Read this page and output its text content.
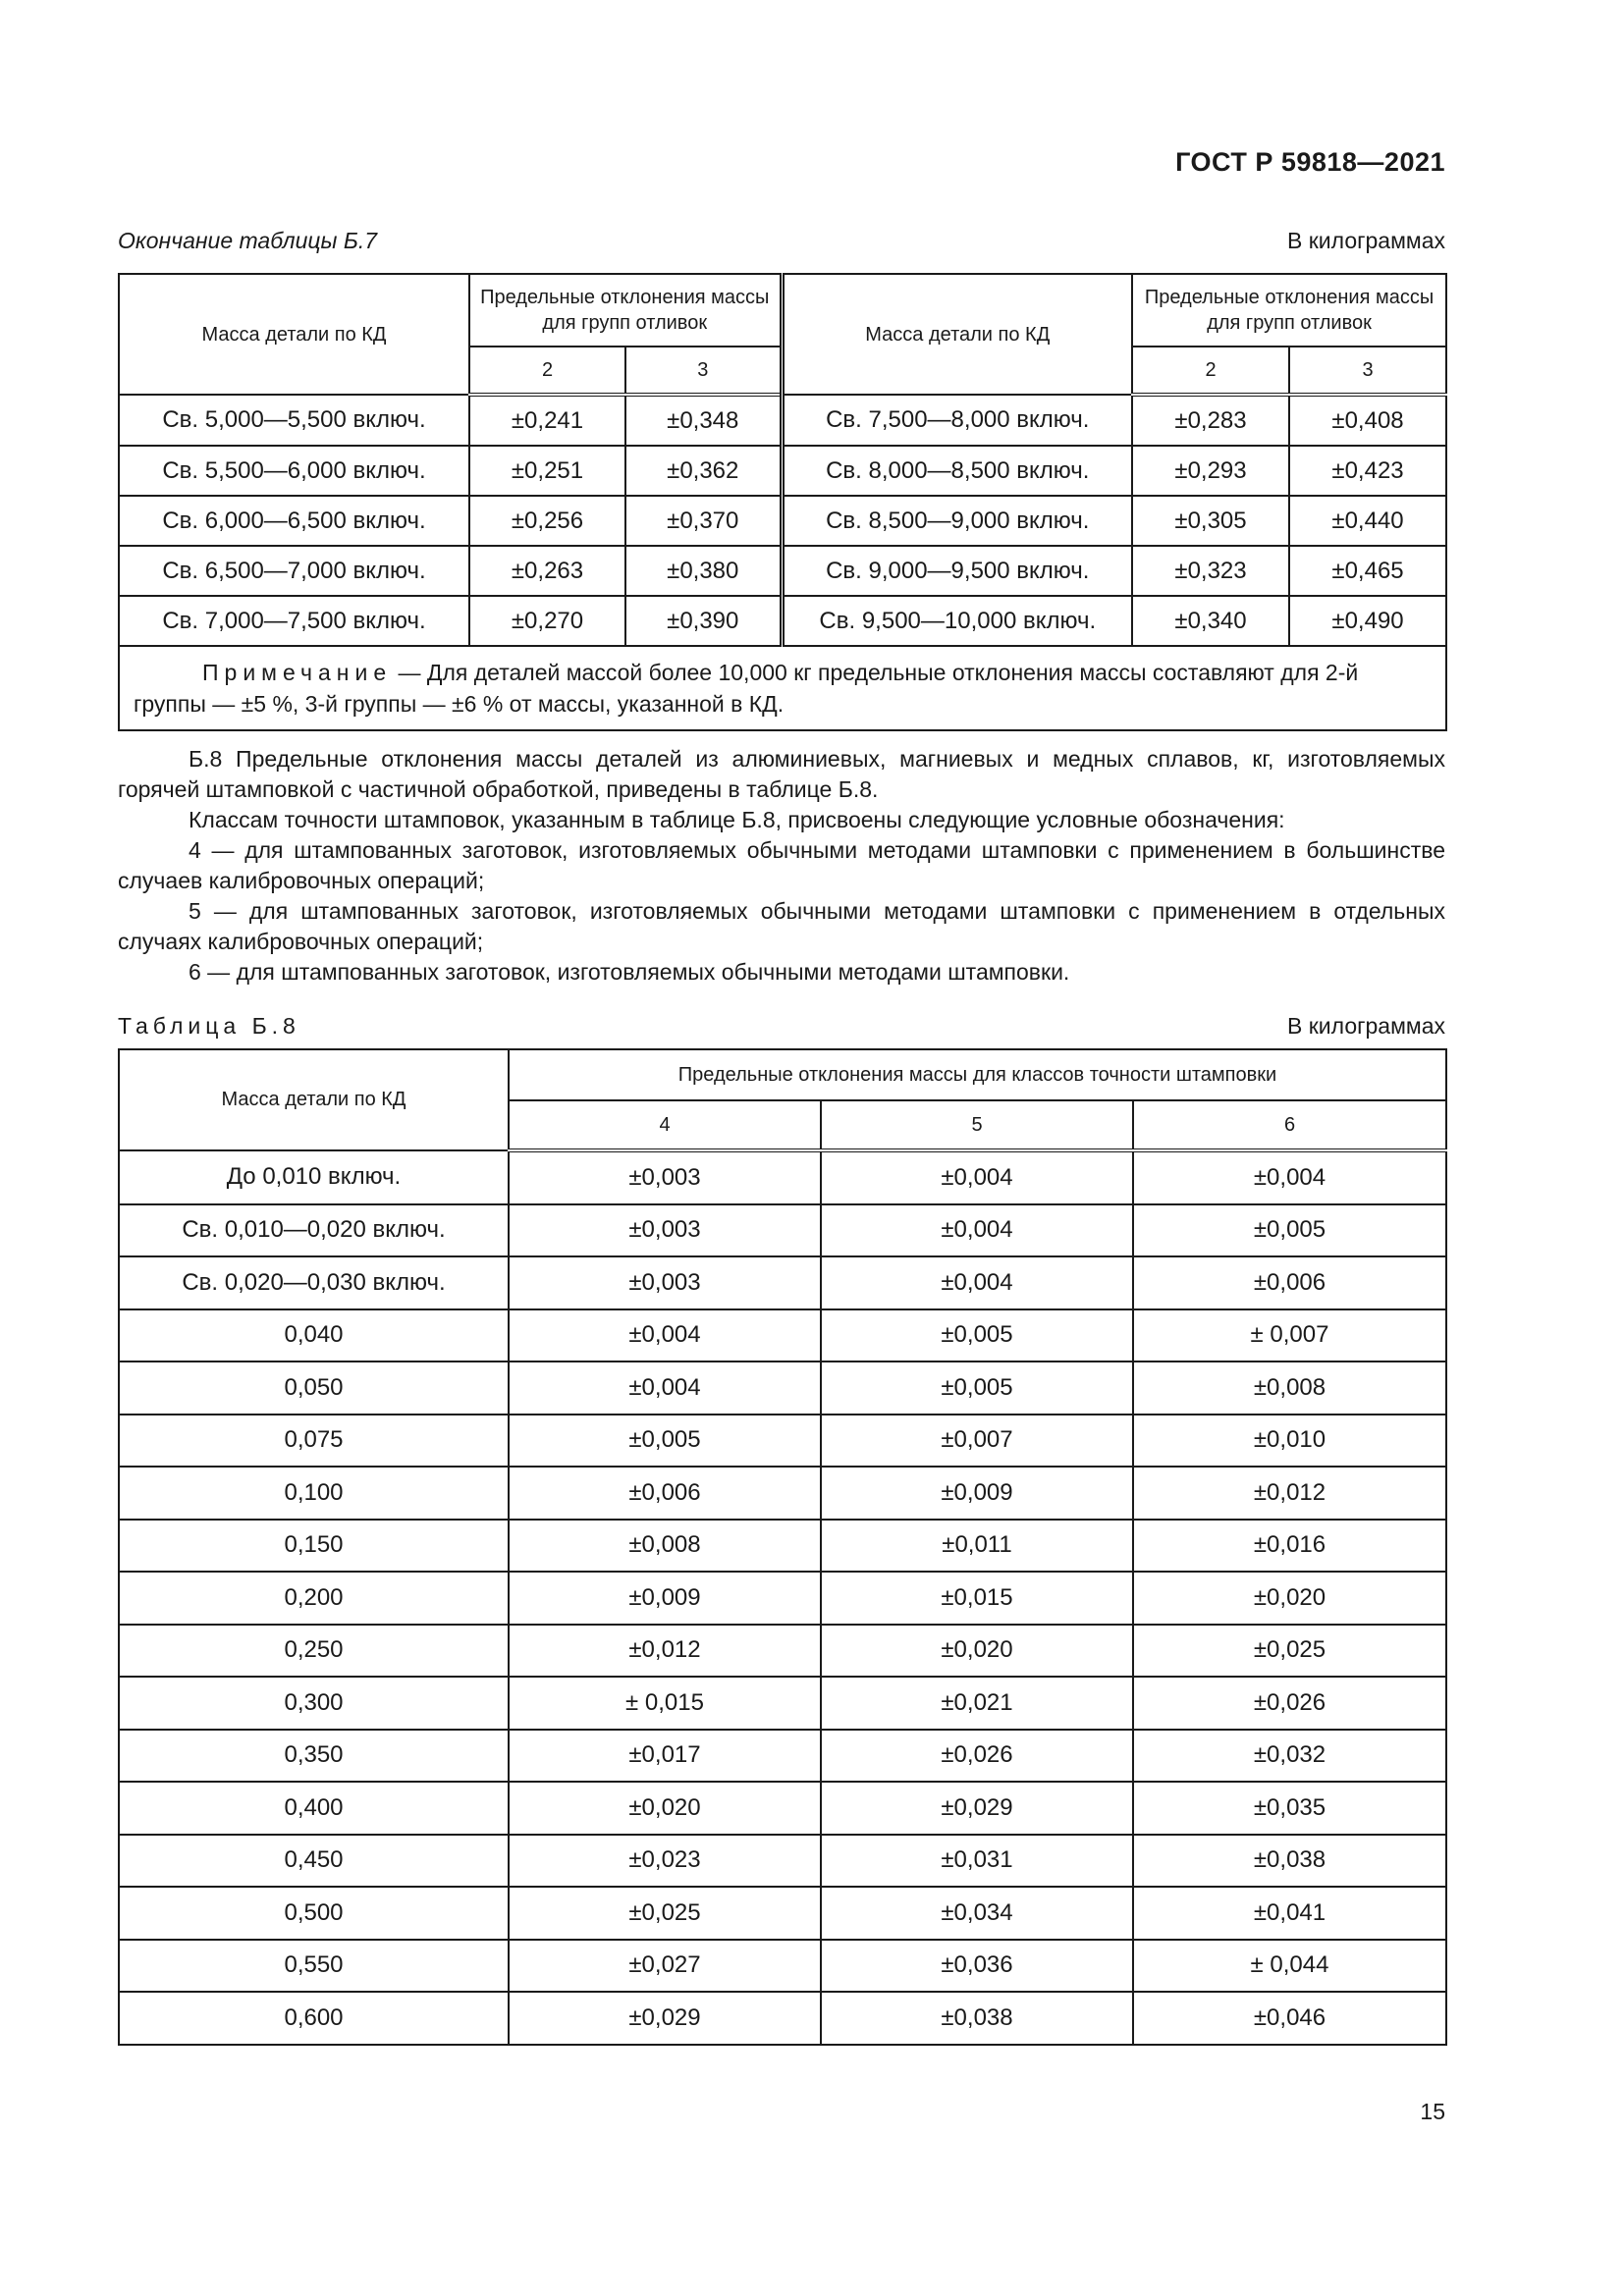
ГОСТ Р 59818—2021
Окончание таблицы Б.7	В килограммах
Масса детали по КД	Предельные отклонения массы для групп отливок		Масса детали по КД	Предельные отклонения массы для групп отливок	
	2	3		2	3
Св. 5,000—5,500 включ.	±0,241	±0,348	Св. 7,500—8,000 включ.	±0,283	±0,408
Св. 5,500—6,000 включ.	±0,251	±0,362	Св. 8,000—8,500 включ.	±0,293	±0,423
Св. 6,000—6,500 включ.	±0,256	±0,370	Св. 8,500—9,000 включ.	±0,305	±0,440
Св. 6,500—7,000 включ.	±0,263	±0,380	Св. 9,000—9,500 включ.	±0,323	±0,465
Св. 7,000—7,500 включ.	±0,270	±0,390	Св. 9,500—10,000 включ.	±0,340	±0,490
Примечание — Для деталей массой более 10,000 кг предельные отклонения массы составляют для 2-й группы — ±5 %, 3-й группы — ±6 % от массы, указанной в КД.					

Б.8 Предельные отклонения массы деталей из алюминиевых, магниевых и медных сплавов, кг, изготовляемых горячей штамповкой с частичной обработкой, приведены в таблице Б.8.

Классам точности штамповок, указанным в таблице Б.8, присвоены следующие условные обозначения:

4 — для штампованных заготовок, изготовляемых обычными методами штамповки с применением в большинстве случаев калибровочных операций;

5 — для штампованных заготовок, изготовляемых обычными методами штамповки с применением в отдельных случаях калибровочных операций;

6 — для штампованных заготовок, изготовляемых обычными методами штамповки.

Таблица Б.8	В килограммах
Масса детали по КД	Предельные отклонения массы для классов точности штамповки		
	4	5	6
До 0,010 включ.	±0,003	±0,004	±0,004
Св. 0,010—0,020 включ.	±0,003	±0,004	±0,005
Св. 0,020—0,030 включ.	±0,003	±0,004	±0,006
0,040	±0,004	±0,005	± 0,007
0,050	±0,004	±0,005	±0,008
0,075	±0,005	±0,007	±0,010
0,100	±0,006	±0,009	±0,012
0,150	±0,008	±0,011	±0,016
0,200	±0,009	±0,015	±0,020
0,250	±0,012	±0,020	±0,025
0,300	± 0,015	±0,021	±0,026
0,350	±0,017	±0,026	±0,032
0,400	±0,020	±0,029	±0,035
0,450	±0,023	±0,031	±0,038
0,500	±0,025	±0,034	±0,041
0,550	±0,027	±0,036	± 0,044
0,600	±0,029	±0,038	±0,046
15
